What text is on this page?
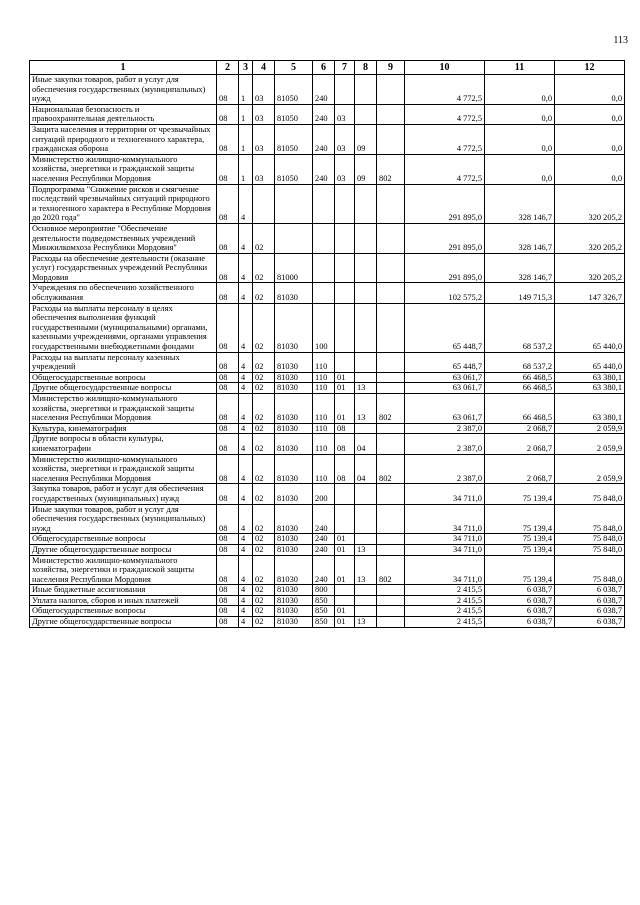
113
1	2	3	4	5	6	7	8	9	10	11	12
Иные закупки товаров, работ и услуг для обеспечения государственных (муниципальных) нужд	08	1	03	81050	240				4 772,5	0,0	0,0
Национальная безопасность и правоохранительная деятельность	08	1	03	81050	240	03			4 772,5	0,0	0,0
Защита населения и территории от чрезвычайных ситуаций природного и техногенного характера, гражданская оборона	08	1	03	81050	240	03	09		4 772,5	0,0	0,0
Министерство жилищно-коммунального хозяйства, энергетики и гражданской защиты населения Республики Мордовия	08	1	03	81050	240	03	09	802	4 772,5	0,0	0,0
Подпрограмма "Снижение рисков и смягчение последствий чрезвычайных ситуаций природного и техногенного характера в Республике Мордовия до 2020 года"	08	4							291 895,0	328 146,7	320 205,2
Основное мероприятие "Обеспечение деятельности подведомственных учреждений Минжилкомхоза Республики Мордовия"	08	4	02						291 895,0	328 146,7	320 205,2
Расходы на обеспечение деятельности (оказание услуг) государственных учреждений Республики Мордовия	08	4	02	81000					291 895,0	328 146,7	320 205,2
Учреждения по обеспечению хозяйственного обслуживания	08	4	02	81030					102 575,2	149 715,3	147 326,7
Расходы на выплаты персоналу в целях обеспечения выполнения функций государственными (муниципальными) органами, казенными учреждениями, органами управления государственными внебюджетными фондами	08	4	02	81030	100				65 448,7	68 537,2	65 440,0
Расходы на выплаты персоналу казенных учреждений	08	4	02	81030	110				65 448,7	68 537,2	65 440,0
Общегосударственные вопросы	08	4	02	81030	110	01			63 061,7	66 468,5	63 380,1
Другие общегосударственные вопросы	08	4	02	81030	110	01	13		63 061,7	66 468,5	63 380,1
Министерство жилищно-коммунального хозяйства, энергетики и гражданской защиты населения Республики Мордовия	08	4	02	81030	110	01	13	802	63 061,7	66 468,5	63 380,1
Культура, кинематография	08	4	02	81030	110	08			2 387,0	2 068,7	2 059,9
Другие вопросы в области культуры, кинематографии	08	4	02	81030	110	08	04		2 387,0	2 068,7	2 059,9
Министерство жилищно-коммунального хозяйства, энергетики и гражданской защиты населения Республики Мордовия	08	4	02	81030	110	08	04	802	2 387,0	2 068,7	2 059,9
Закупка товаров, работ и услуг для обеспечения государственных (муниципальных) нужд	08	4	02	81030	200				34 711,0	75 139,4	75 848,0
Иные закупки товаров, работ и услуг для обеспечения государственных (муниципальных) нужд	08	4	02	81030	240				34 711,0	75 139,4	75 848,0
Общегосударственные вопросы	08	4	02	81030	240	01			34 711,0	75 139,4	75 848,0
Другие общегосударственные вопросы	08	4	02	81030	240	01	13		34 711,0	75 139,4	75 848,0
Министерство жилищно-коммунального хозяйства, энергетики и гражданской защиты населения Республики Мордовия	08	4	02	81030	240	01	13	802	34 711,0	75 139,4	75 848,0
Иные бюджетные ассигнования	08	4	02	81030	800				2 415,5	6 038,7	6 038,7
Уплата налогов, сборов и иных платежей	08	4	02	81030	850				2 415,5	6 038,7	6 038,7
Общегосударственные вопросы	08	4	02	81030	850	01			2 415,5	6 038,7	6 038,7
Другие общегосударственные вопросы	08	4	02	81030	850	01	13		2 415,5	6 038,7	6 038,7
